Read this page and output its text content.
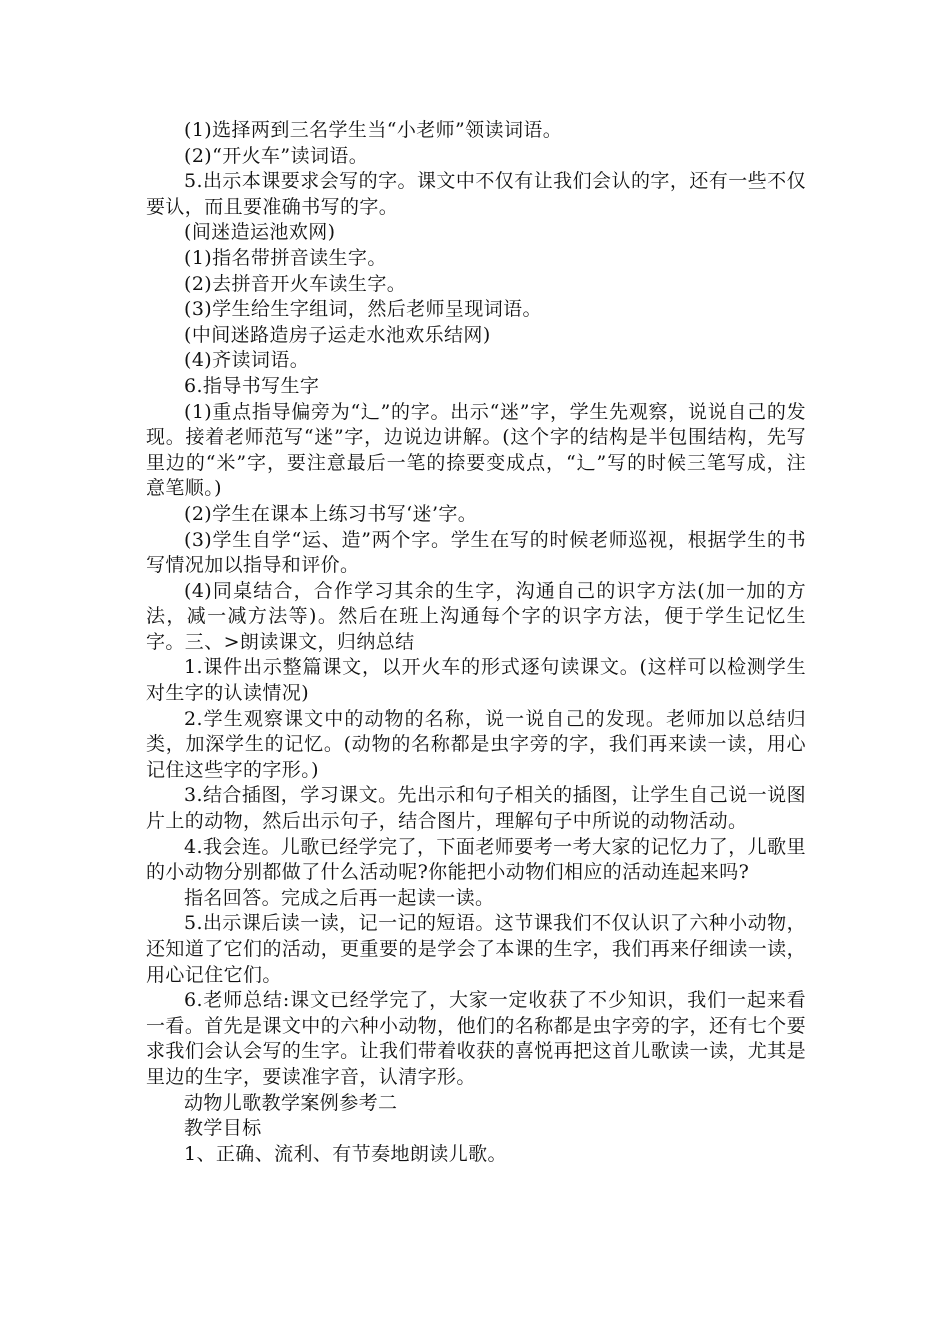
(1)选择两到三名学生当“小老师”领读词语。

(2)“开火车”读词语。

5.出示本课要求会写的字。课文中不仅有让我们会认的字，还有一些不仅要认，而且要准确书写的字。

(间迷造运池欢网)

(1)指名带拼音读生字。

(2)去拼音开火车读生字。

(3)学生给生字组词，然后老师呈现词语。

(中间迷路造房子运走水池欢乐结网)

(4)齐读词语。

6.指导书写生字

(1)重点指导偏旁为“辶”的字。出示“迷”字，学生先观察，说说自己的发现。接着老师范写“迷”字，边说边讲解。(这个字的结构是半包围结构，先写里边的“米”字，要注意最后一笔的捺要变成点，“辶”写的时候三笔写成，注意笔顺。)

(2)学生在课本上练习书写‘迷’字。

(3)学生自学“运、造”两个字。学生在写的时候老师巡视，根据学生的书写情况加以指导和评价。

(4)同桌结合，合作学习其余的生字，沟通自己的识字方法(加一加的方法，减一减方法等)。然后在班上沟通每个字的识字方法，便于学生记忆生字。三、>朗读课文，归纳总结

1.课件出示整篇课文，以开火车的形式逐句读课文。(这样可以检测学生对生字的认读情况)

2.学生观察课文中的动物的名称，说一说自己的发现。老师加以总结归类，加深学生的记忆。(动物的名称都是虫字旁的字，我们再来读一读，用心记住这些字的字形。)

3.结合插图，学习课文。先出示和句子相关的插图，让学生自己说一说图片上的动物，然后出示句子，结合图片，理解句子中所说的动物活动。

4.我会连。儿歌已经学完了，下面老师要考一考大家的记忆力了，儿歌里的小动物分别都做了什么活动呢?你能把小动物们相应的活动连起来吗?

指名回答。完成之后再一起读一读。

5.出示课后读一读，记一记的短语。这节课我们不仅认识了六种小动物，还知道了它们的活动，更重要的是学会了本课的生字，我们再来仔细读一读，用心记住它们。

6.老师总结:课文已经学完了，大家一定收获了不少知识，我们一起来看一看。首先是课文中的六种小动物，他们的名称都是虫字旁的字，还有七个要求我们会认会写的生字。让我们带着收获的喜悦再把这首儿歌读一读，尤其是里边的生字，要读准字音，认清字形。

动物儿歌教学案例参考二

教学目标

1、正确、流利、有节奏地朗读儿歌。
